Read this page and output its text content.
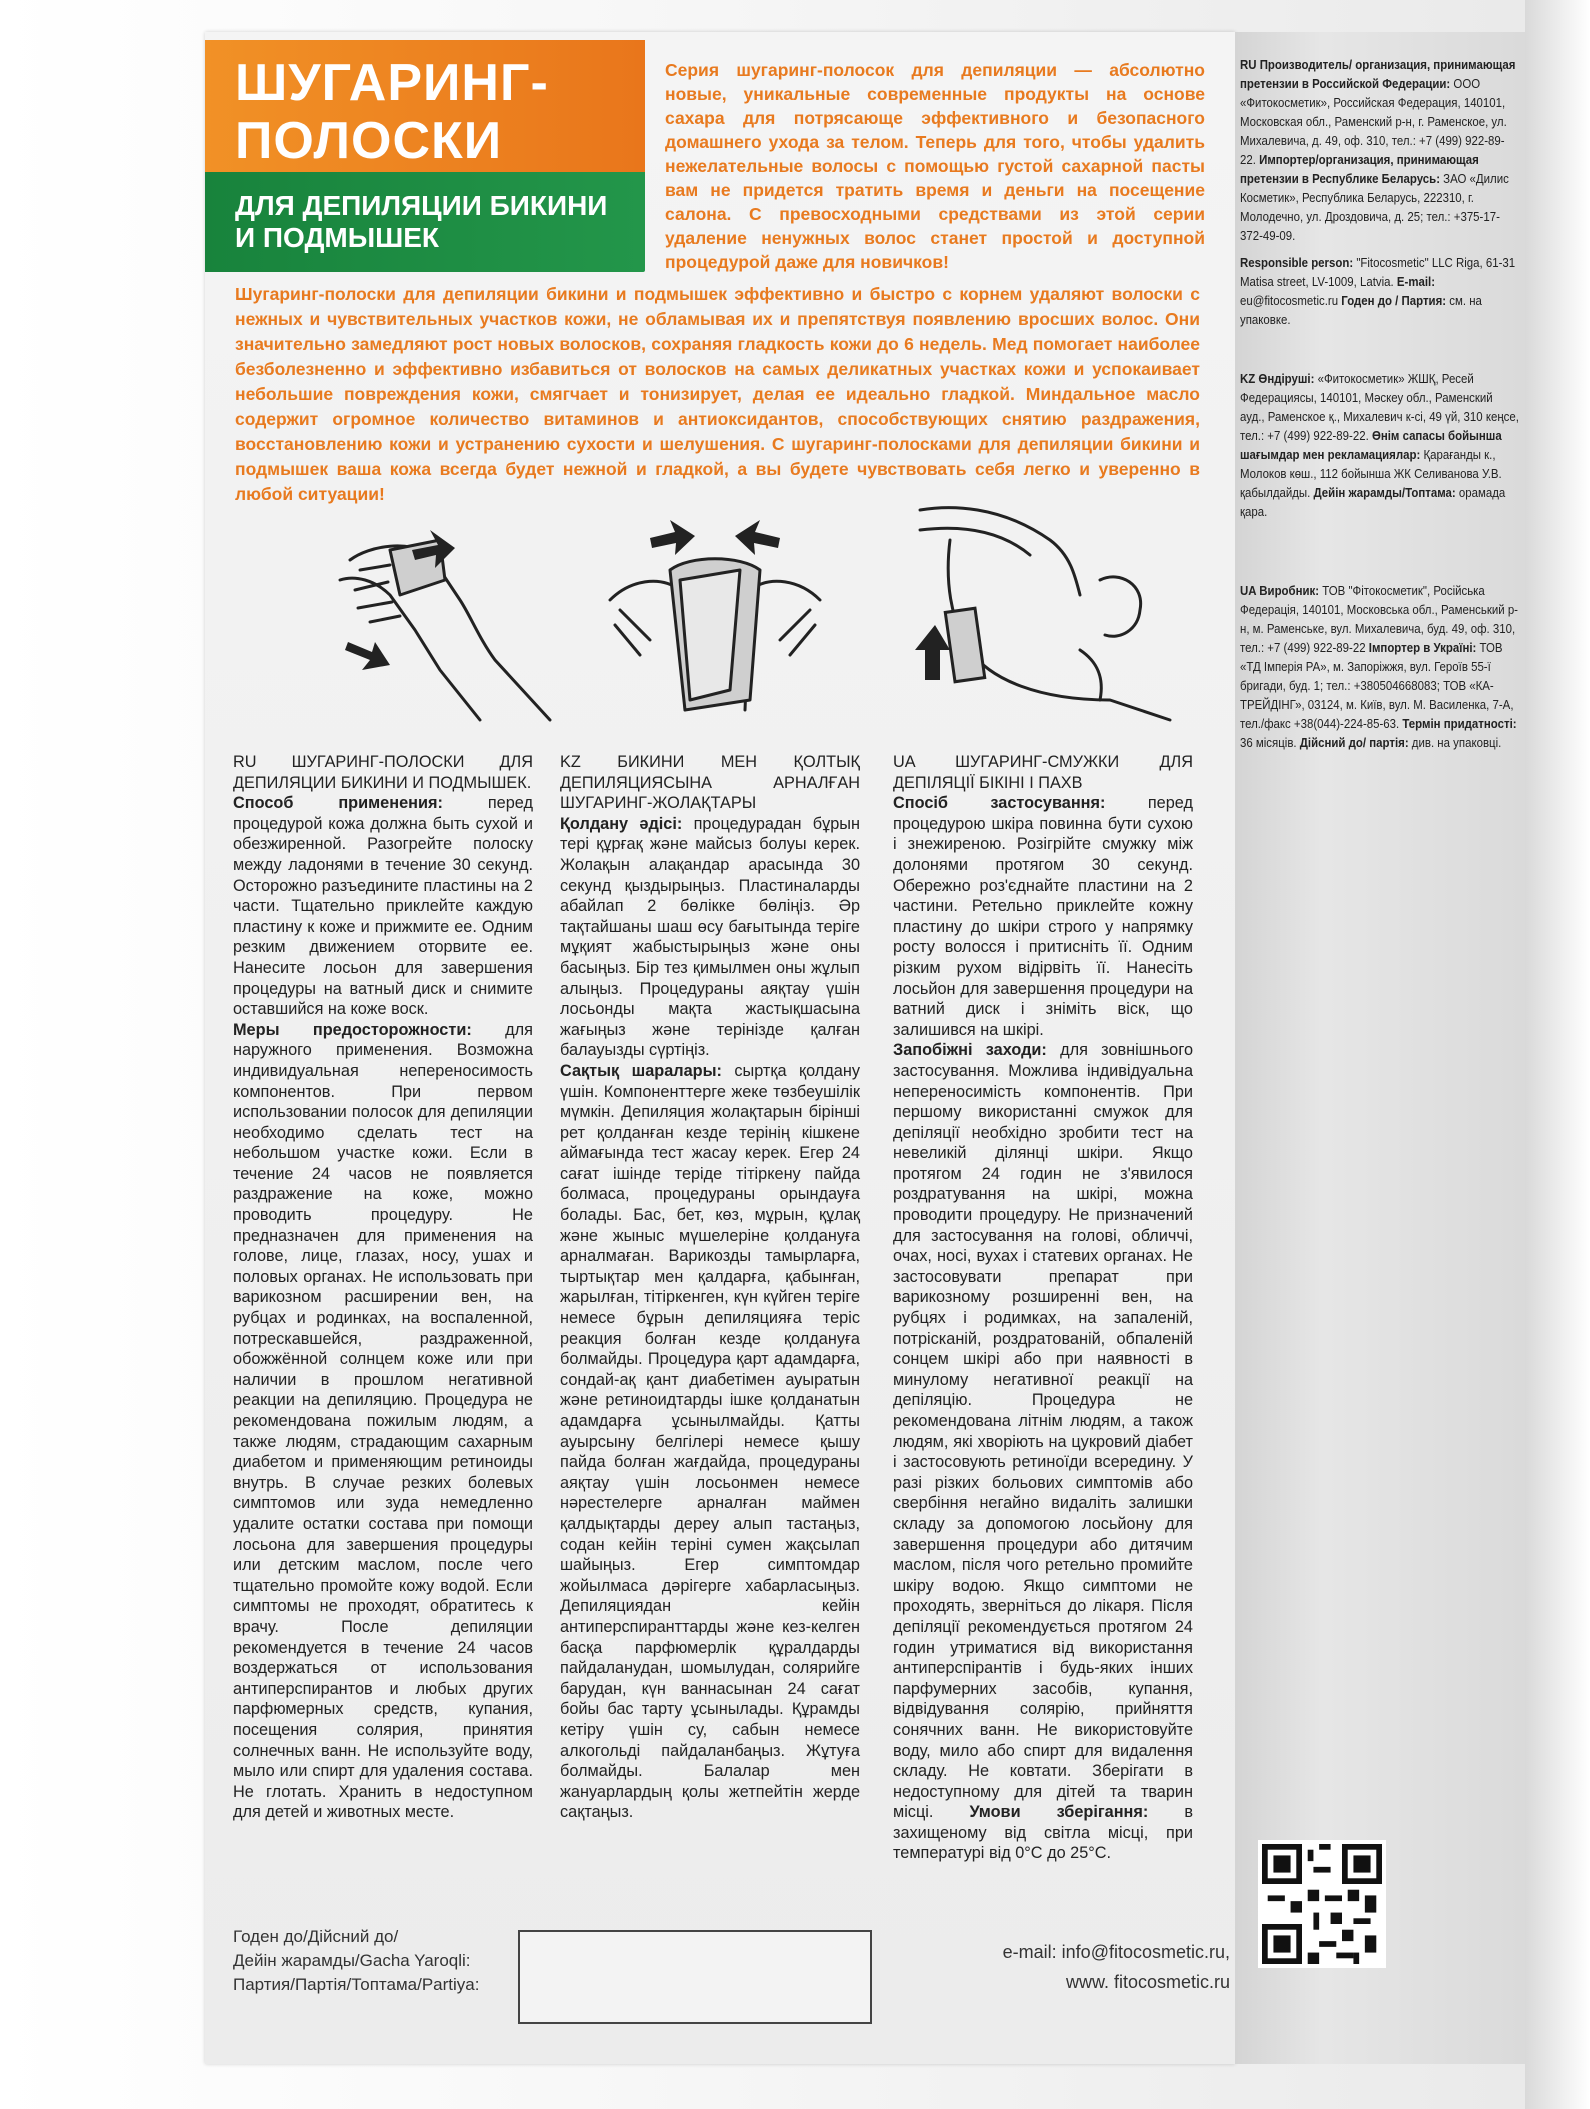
ШУГАРИНГ-
ПОЛОСКИ
ДЛЯ ДЕПИЛЯЦИИ БИКИНИ
И ПОДМЫШЕК
Серия шугаринг-полосок для депиляции — абсолютно новые, уникальные современные продукты на основе сахара для потрясающе эффективного и безопасного домашнего ухода за телом. Теперь для того, чтобы удалить нежелательные волосы с помощью густой сахарной пасты вам не придется тратить время и деньги на посещение салона. С превосходными средствами из этой серии удаление ненужных волос станет простой и доступной процедурой даже для новичков!
Шугаринг-полоски для депиляции бикини и подмышек эффективно и быстро с корнем удаляют волоски с нежных и чувствительных участков кожи, не обламывая их и препятствуя появлению вросших волос. Они значительно замедляют рост новых волосков, сохраняя гладкость кожи до 6 недель. Мед помогает наиболее безболезненно и эффективно избавиться от волосков на самых деликатных участках кожи и успокаивает небольшие повреждения кожи, смягчает и тонизирует, делая ее идеально гладкой. Миндальное масло содержит огромное количество витаминов и антиоксидантов, способствующих снятию раздражения, восстановлению кожи и устранению сухости и шелушения. С шугаринг-полосками для депиляции бикини и подмышек ваша кожа всегда будет нежной и гладкой, а вы будете чувствовать себя легко и уверенно в любой ситуации!
RU ШУГАРИНГ-ПОЛОСКИ ДЛЯ ДЕПИЛЯЦИИ БИКИНИ И ПОДМЫШЕК.
Способ применения: перед процедурой кожа должна быть сухой и обезжиренной. Разогрейте полоску между ладонями в течение 30 секунд. Осторожно разъедините пластины на 2 части. Тщательно приклейте каждую пластину к коже и прижмите ее. Одним резким движением оторвите ее. Нанесите лосьон для завершения процедуры на ватный диск и снимите оставшийся на коже воск.
Меры предосторожности: для наружного применения. Возможна индивидуальная непереносимость компонентов. При первом использовании полосок для депиляции необходимо сделать тест на небольшом участке кожи. Если в течение 24 часов не появляется раздражение на коже, можно проводить процедуру. Не предназначен для применения на голове, лице, глазах, носу, ушах и половых органах. Не использовать при варикозном расширении вен, на рубцах и родинках, на воспаленной, потрескавшейся, раздраженной, обожжённой солнцем коже или при наличии в прошлом негативной реакции на депиляцию. Процедура не рекомендована пожилым людям, а также людям, страдающим сахарным диабетом и применяющим ретиноиды внутрь. В случае резких болевых симптомов или зуда немедленно удалите остатки состава при помощи лосьона для завершения процедуры или детским маслом, после чего тщательно промойте кожу водой. Если симптомы не проходят, обратитесь к врачу. После депиляции рекомендуется в течение 24 часов воздержаться от использования антиперспирантов и любых других парфюмерных средств, купания, посещения солярия, принятия солнечных ванн. Не используйте воду, мыло или спирт для удаления состава. Не глотать. Хранить в недоступном для детей и животных месте.
KZ БИКИНИ МЕН ҚОЛТЫҚ ДЕПИЛЯЦИЯСЫНА АРНАЛҒАН ШУГАРИНГ-ЖОЛАҚТАРЫ
Қолдану әдісі: процедурадан бұрын тері құрғақ және майсыз болуы керек. Жолақын алақандар арасында 30 секунд қыздырыңыз. Пластиналарды абайлап 2 бөлікке бөліңіз. Әр тақтайшаны шаш өсу бағытында теріге мұқият жабыстырыңыз және оны басыңыз. Бір тез қимылмен оны жұлып алыңыз. Процедураны аяқтау үшін лосьонды мақта жастықшасына жағыңыз және терінізде қалған балауызды сүртіңіз.
Сақтық шаралары: сыртқа қолдану үшін. Компоненттерге жеке төзбеушілік мүмкін. Депиляция жолақтарын бірінші рет қолданған кезде терінің кішкене аймағында тест жасау керек. Егер 24 сағат ішінде теріде тітіркену пайда болмаса, процедураны орындауға болады. Бас, бет, көз, мұрын, құлақ және жыныс мүшелеріне қолдануға арналмаған. Варикозды тамырларға, тыртықтар мен қалдарға, қабынған, жарылған, тітіркенген, күн күйген теріге немесе бұрын депиляцияға теріс реакция болған кезде қолдануға болмайды. Процедура қарт адамдарға, сондай-ақ қант диабетімен ауыратын және ретиноидтарды ішке қолданатын адамдарға ұсынылмайды. Қатты ауырсыну белгілері немесе қышу пайда болған жағдайда, процедураны аяқтау үшін лосьонмен немесе нәрестелерге арналған маймен қалдықтарды дереу алып тастаңыз, содан кейін теріні сумен жақсылап шайыңыз. Егер симптомдар жойылмаса дәрігерге хабарласыңыз. Депиляциядан кейін антиперспиранттарды және кез-келген басқа парфюмерлік құралдарды пайдаланудан, шомылудан, солярийге барудан, күн ваннасынан 24 сағат бойы бас тарту ұсынылады. Құрамды кетіру үшін су, сабын немесе алкогольді пайдаланбаңыз. Жұтуға болмайды. Балалар мен жануарлардың қолы жетпейтін жерде сақтаңыз.
UA ШУГАРИНГ-СМУЖКИ ДЛЯ ДЕПІЛЯЦІЇ БІКІНІ І ПАХВ
Спосіб застосування: перед процедурою шкіра повинна бути сухою і знежиреною. Розігрійте смужку між долонями протягом 30 секунд. Обережно роз'єднайте пластини на 2 частини. Ретельно приклейте кожну пластину до шкіри строго у напрямку росту волосся і притисніть її. Одним різким рухом відірвіть її. Нанесіть лосьйон для завершення процедури на ватний диск і зніміть віск, що залишився на шкірі.
Запобіжні заходи: для зовнішнього застосування. Можлива індивідуальна непереносимість компонентів. При першому використанні смужок для депіляції необхідно зробити тест на невеликій ділянці шкіри. Якщо протягом 24 годин не з'явилося роздратування на шкірі, можна проводити процедуру. Не призначений для застосування на голові, обличчі, очах, носі, вухах і статевих органах. Не застосовувати препарат при варикозному розширенні вен, на рубцях і родимках, на запаленій, потрісканій, роздратованій, обпаленій сонцем шкірі або при наявності в минулому негативної реакції на депіляцію. Процедура не рекомендована літнім людям, а також людям, які хворіють на цукровий діабет і застосовують ретиноїди всередину. У разі різких больових симптомів або свербіння негайно видаліть залишки складу за допомогою лосьйону для завершення процедури або дитячим маслом, після чого ретельно промийте шкіру водою. Якщо симптоми не проходять, зверніться до лікаря. Після депіляції рекомендується протягом 24 годин утриматися від використання антиперспірантів і будь-яких інших парфумерних засобів, купання, відвідування солярію, прийняття сонячних ванн. Не використовуйте воду, мило або спирт для видалення складу. Не ковтати. Зберігати в недоступному для дітей та тварин місці. Умови зберігання: в захищеному від світла місці, при температурі від 0°С до 25°С.
Годен до/Дійсний до/
Дейін жарамды/Gacha Yaroqli:
Партия/Партія/Топтама/Partiya:
e-mail: info@fitocosmetic.ru,
www. fitocosmetic.ru

RU Производитель/ организация, принимающая претензии в Российской Федерации: ООО «Фитокосметик», Российская Федерация, 140101, Московская обл., Раменский р-н, г. Раменское, ул. Михалевича, д. 49, оф. 310, тел.: +7 (499) 922-89-22. Импортер/организация, принимающая претензии в Республике Беларусь: ЗАО «Дилис Косметик», Республика Беларусь, 222310, г. Молодечно, ул. Дроздовича, д. 25; тел.: +375-17-372-49-09.

Responsible person: "Fitocosmetic" LLC Riga, 61-31 Matisa street, LV-1009, Latvia. E-mail: eu@fitocosmetic.ru Годен до / Партия: см. на упаковке.

KZ Өндіруші: «Фитокосметик» ЖШҚ, Ресей Федерациясы, 140101, Мәскеу обл., Раменский ауд., Раменское қ., Михалевич к-сі, 49 үй, 310 кеңсе, тел.: +7 (499) 922-89-22. Өнім сапасы бойынша шағымдар мен рекламациялар: Қарағанды к., Молоков көш., 112 бойынша ЖК Селиванова У.В. қабылдайды. Дейін жарамды/Топтама: орамада қара.

UA Виробник: ТОВ "Фітокосметик", Російська Федерація, 140101, Московська обл., Раменський р-н, м. Раменське, вул. Михалевича, буд. 49, оф. 310, тел.: +7 (499) 922-89-22 Імпортер в Україні: ТОВ «ТД Імперія РА», м. Запоріжжя, вул. Героїв 55-ї бригади, буд. 1; тел.: +380504668083; ТОВ «КА-ТРЕЙДІНГ», 03124, м. Київ, вул. М. Василенка, 7-А, тел./факс +38(044)-224-85-63. Термін придатності: 36 місяців. Дійсний до/ партія: див. на упаковці.
